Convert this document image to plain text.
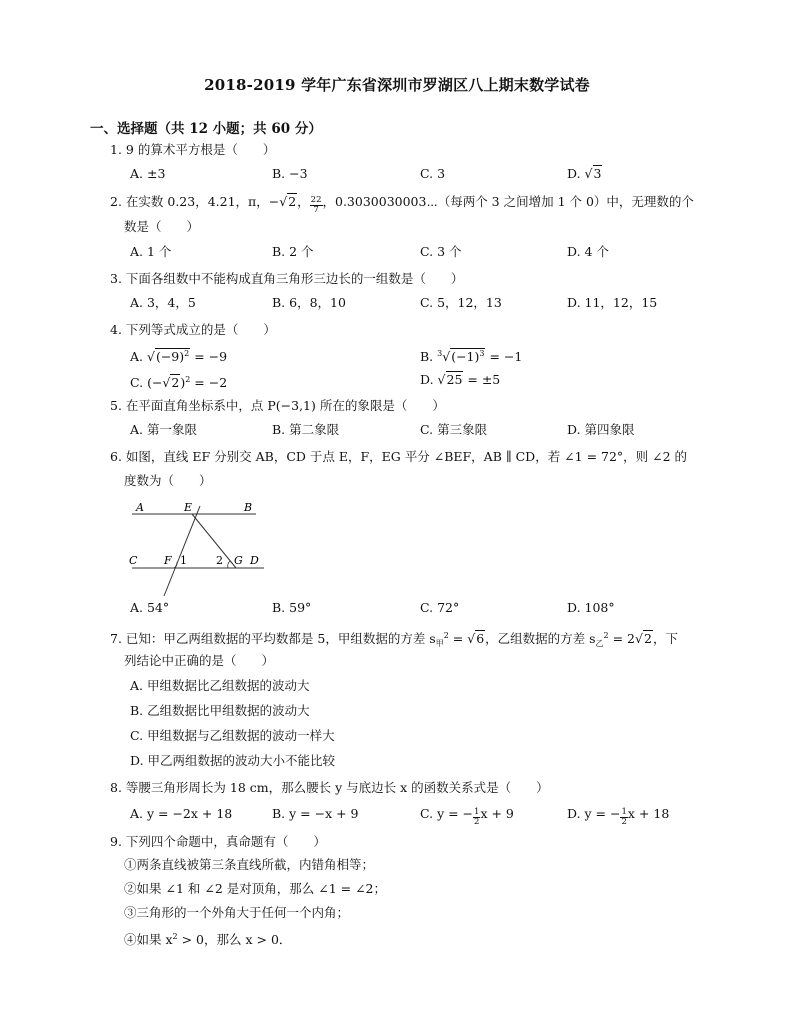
2018-2019 学年广东省深圳市罗湖区八上期末数学试卷
一、选择题（共 12 小题；共 60 分）
1. 9 的算术平方根是（　　）
A. ±3	B. −3	C. 3	D. √3
2. 在实数 0.23，4.21，π，−√2， $\frac{22}{7}$ ，0.3030030003⋯（每两个 3 之间增加 1 个 0）中，无理数的个
数是（　　）
A. 1 个	B. 2 个	C. 3 个	D. 4 个
3. 下面各组数中不能构成直角三角形三边长的一组数是（　　）
A. 3，4，5	B. 6，8，10	C. 5，12，13	D. 11，12，15
4. 下列等式成立的是（　　）
A. $√(-9)^2 = -9$	B. $^3√(-1)^3 = -1$
C. $(-√2)^2 = -2$	D. √25 = ±5
5. 在平面直角坐标系中，点 P(−3,1) 所在的象限是（　　）
A. 第一象限	B. 第二象限	C. 第三象限	D. 第四象限
6. 如图，直线 EF 分别交 AB，CD 于点 E，F，EG 平分 ∠BEF，AB ∥ CD，若 ∠1 = 72°，则 ∠2 的
度数为（　　）
A	E	B
C F 1	2 G D
A. 54°	B. 59°	C. 72°	D. 108°
7. 已知：甲乙两组数据的平均数都是 5，甲组数据的方差 $s_甲^2 = √6$，乙组数据的方差 $s_乙^2 = 2√2$，下
列结论中正确的是（　　）
A. 甲组数据比乙组数据的波动大
B. 乙组数据比甲组数据的波动大
C. 甲组数据与乙组数据的波动一样大
D. 甲乙两组数据的波动大小不能比较
8. 等腰三角形周长为 18 cm，那么腰长 y 与底边长 x 的函数关系式是（　　）
A. y = −2x + 18	B. y = −x + 9	C. y = − $\frac{1}{2}$ x + 9	D. y = − $\frac{1}{2}$ x + 18
9. 下列四个命题中，真命题有（　　）
①两条直线被第三条直线所截，内错角相等；
②如果 ∠1 和 ∠2 是对顶角，那么 ∠1 = ∠2；
③三角形的一个外角大于任何一个内角；
④如果 $x^2 > 0$，那么 x > 0．
